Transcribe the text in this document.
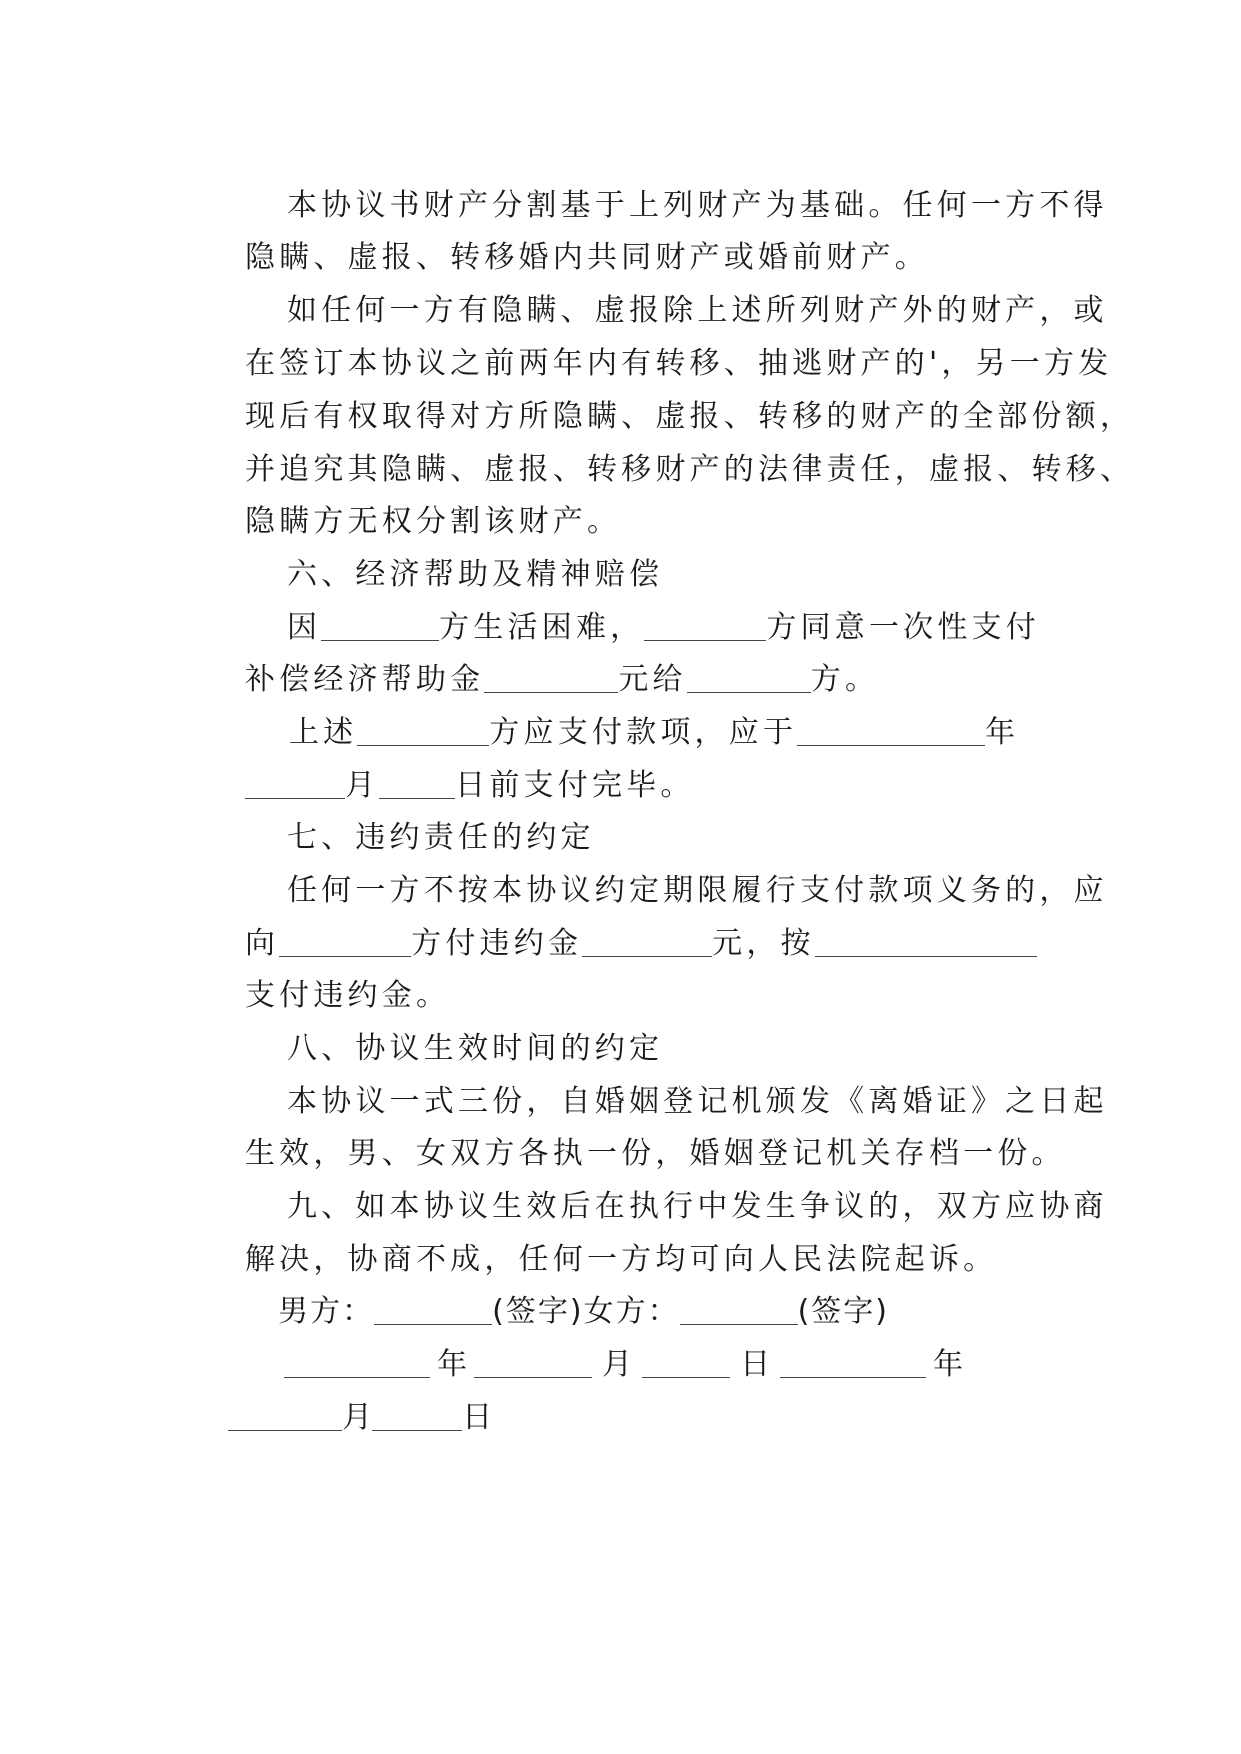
本协议书财产分割基于上列财产为基础。任何一方不得

隐瞒、虚报、转移婚内共同财产或婚前财产。

如任何一方有隐瞒、虚报除上述所列财产外的财产，或

在签订本协议之前两年内有转移、抽逃财产的'，另一方发

现后有权取得对方所隐瞒、虚报、转移的财产的全部份额，

并追究其隐瞒、虚报、转移财产的法律责任，虚报、转移、

隐瞒方无权分割该财产。

六、经济帮助及精神赔偿

因	方生活困难，	方同意一次性支付

补偿经济帮助金	元给	方。

上述	方应支付款项，应于	年

月	日前支付完毕。

七、违约责任的约定

任何一方不按本协议约定期限履行支付款项义务的，应

向	方付违约金	元，按

支付违约金。

八、协议生效时间的约定

本协议一式三份，自婚姻登记机颁发《离婚证》之日起

生效，男、女双方各执一份，婚姻登记机关存档一份。

九、如本协议生效后在执行中发生争议的，双方应协商

解决，协商不成，任何一方均可向人民法院起诉。

男方：	(签字)女方：	(签字)

年	月	日	年

月	日
